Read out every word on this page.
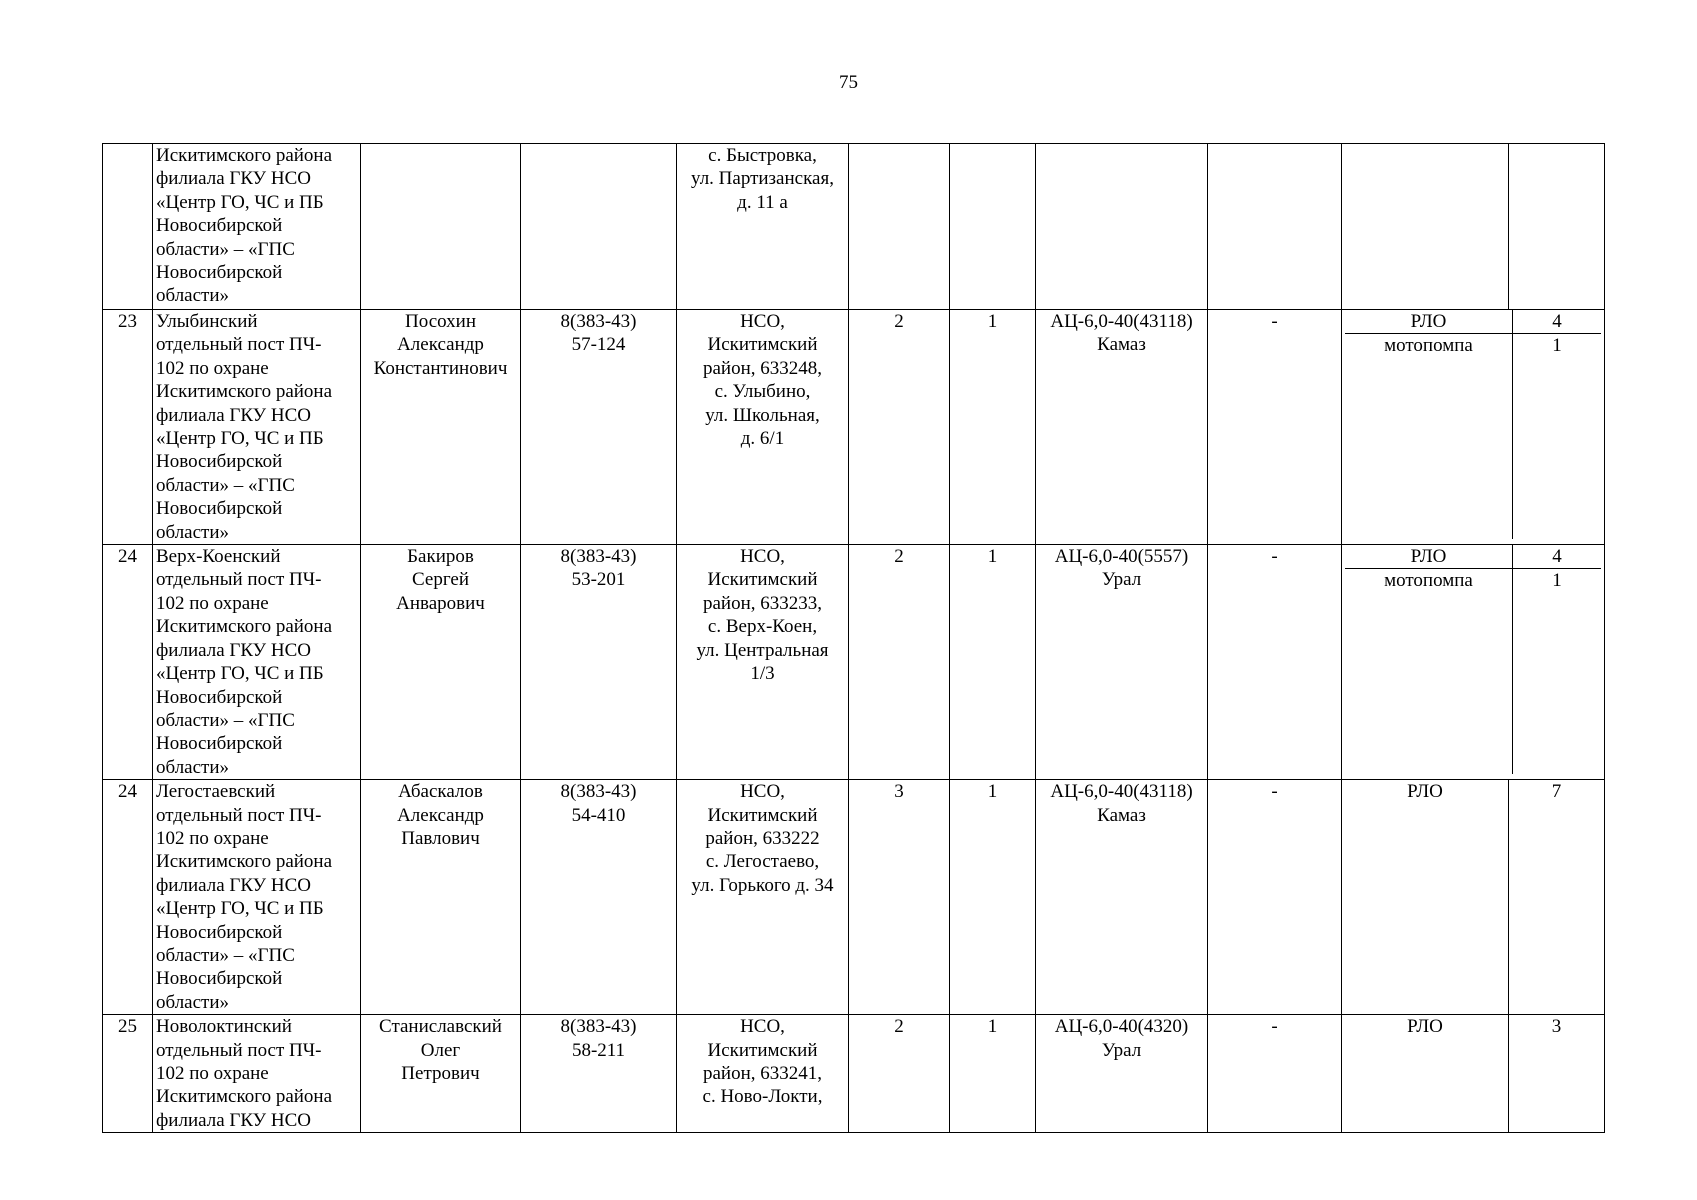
75
	Искитимского района
филиала ГКУ НСО
«Центр ГО, ЧС и ПБ
Новосибирской
области» – «ГПС
Новосибирской
области»			с. Быстровка,
ул. Партизанская,
д. 11 а						
23	Улыбинский
отдельный пост ПЧ-
102 по охране
Искитимского района
филиала ГКУ НСО
«Центр ГО, ЧС и ПБ
Новосибирской
области» – «ГПС
Новосибирской
области»	Посохин
Александр
Константинович	8(383-43)
57-124	НСО,
Искитимский
район, 633248,
с. Улыбино,
ул. Школьная,
д. 6/1	2	1	АЦ-6,0-40(43118)
Камаз	-		РЛО		4
мотопомпа		1

24	Верх-Коенский
отдельный пост ПЧ-
102 по охране
Искитимского района
филиала ГКУ НСО
«Центр ГО, ЧС и ПБ
Новосибирской
области» – «ГПС
Новосибирской
области»	Бакиров
Сергей
Анварович	8(383-43)
53-201	НСО,
Искитимский
район, 633233,
с. Верх-Коен,
ул. Центральная
1/3	2	1	АЦ-6,0-40(5557)
Урал	-		РЛО		4
мотопомпа		1

24	Легостаевский
отдельный пост ПЧ-
102 по охране
Искитимского района
филиала ГКУ НСО
«Центр ГО, ЧС и ПБ
Новосибирской
области» – «ГПС
Новосибирской
области»	Абаскалов
Александр
Павлович	8(383-43)
54-410	НСО,
Искитимский
район, 633222
с. Легостаево,
ул. Горького д. 34	3	1	АЦ-6,0-40(43118)
Камаз	-	РЛО	7
25	Новолоктинский
отдельный пост ПЧ-
102 по охране
Искитимского района
филиала ГКУ НСО	Станиславский
Олег
Петрович	8(383-43)
58-211	НСО,
Искитимский
район, 633241,
с. Ново-Локти,	2	1	АЦ-6,0-40(4320)
Урал	-	РЛО	3
